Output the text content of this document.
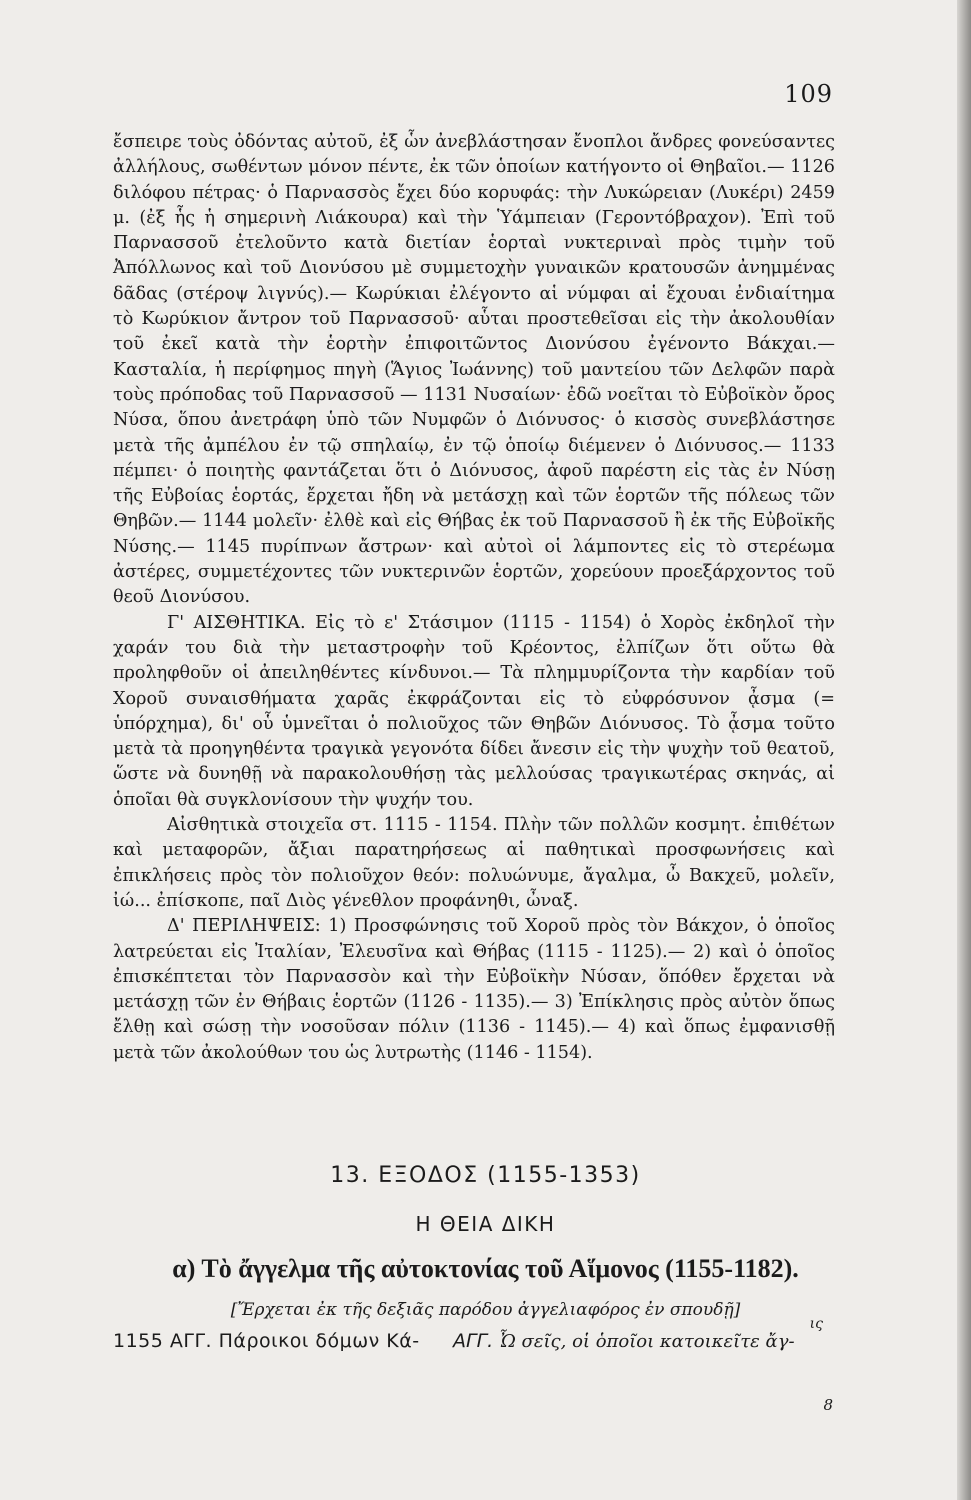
109

ἔσπειρε τοὺς ὀδόντας αὐτοῦ, ἐξ ὧν ἀνεβλάστησαν ἔνοπλοι ἄνδρες φονεύσαντες ἀλλήλους, σωθέντων μόνον πέντε, ἐκ τῶν ὁποίων κατήγοντο οἱ Θηβαῖοι.— 1126 διλόφου πέτρας· ὁ Παρνασσὸς ἔχει δύο κορυφάς: τὴν Λυκώρειαν (Λυκέρι) 2459 μ. (ἐξ ἧς ἡ σημερινὴ Λιάκουρα) καὶ τὴν Ὑάμπειαν (Γεροντόβραχον). Ἐπὶ τοῦ Παρνασσοῦ ἐτελοῦντο κατὰ διετίαν ἑορταὶ νυκτεριναὶ πρὸς τιμὴν τοῦ Ἀπόλλωνος καὶ τοῦ Διονύσου μὲ συμμετοχὴν γυναικῶν κρατουσῶν ἀνημμένας δᾶδας (στέροψ λιγνύς).— Κωρύκιαι ἐλέγοντο αἱ νύμφαι αἱ ἔχουαι ἐνδιαίτημα τὸ Κωρύκιον ἄντρον τοῦ Παρνασσοῦ· αὗται προστεθεῖσαι εἰς τὴν ἀκολουθίαν τοῦ ἐκεῖ κατὰ τὴν ἑορτὴν ἐπιφοιτῶντος Διονύσου ἐγένοντο Βάκχαι.— Κασταλία, ἡ περίφημος πηγὴ (Ἅγιος Ἰωάννης) τοῦ μαντείου τῶν Δελφῶν παρὰ τοὺς πρόποδας τοῦ Παρνασσοῦ — 1131 Νυσαίων· ἐδῶ νοεῖται τὸ Εὐβοϊκὸν ὄρος Νύσα, ὅπου ἀνετράφη ὑπὸ τῶν Νυμφῶν ὁ Διόνυσος· ὁ κισσὸς συνεβλάστησε μετὰ τῆς ἀμπέλου ἐν τῷ σπηλαίῳ, ἐν τῷ ὁποίῳ διέμενεν ὁ Διόνυσος.— 1133 πέμπει· ὁ ποιητὴς φαντάζεται ὅτι ὁ Διόνυσος, ἀφοῦ παρέστη εἰς τὰς ἐν Νύσῃ τῆς Εὐβοίας ἑορτάς, ἔρχεται ἤδη νὰ μετάσχῃ καὶ τῶν ἑορτῶν τῆς πόλεως τῶν Θηβῶν.— 1144 μολεῖν· ἐλθὲ καὶ εἰς Θήβας ἐκ τοῦ Παρνασσοῦ ἢ ἐκ τῆς Εὐβοϊκῆς Νύσης.— 1145 πυρίπνων ἄστρων· καὶ αὐτοὶ οἱ λάμποντες εἰς τὸ στερέωμα ἀστέρες, συμμετέχοντες τῶν νυκτερινῶν ἑορτῶν, χορεύουν προεξάρχοντος τοῦ θεοῦ Διονύσου.

Γ' ΑΙΣΘΗΤΙΚΑ. Εἰς τὸ ε' Στάσιμον (1115 - 1154) ὁ Χορὸς ἐκδηλοῖ τὴν χαράν του διὰ τὴν μεταστροφὴν τοῦ Κρέοντος, ἐλπίζων ὅτι οὕτω θὰ προληφθοῦν οἱ ἀπειληθέντες κίνδυνοι.— Τὰ πλημμυρίζοντα τὴν καρδίαν τοῦ Χοροῦ συναισθήματα χαρᾶς ἐκφράζονται εἰς τὸ εὐφρόσυνον ᾆσμα (= ὑπόρχημα), δι' οὗ ὑμνεῖται ὁ πολιοῦχος τῶν Θηβῶν Διόνυσος. Τὸ ᾆσμα τοῦτο μετὰ τὰ προηγηθέντα τραγικὰ γεγονότα δίδει ἄνεσιν εἰς τὴν ψυχὴν τοῦ θεατοῦ, ὥστε νὰ δυνηθῇ νὰ παρακολουθήσῃ τὰς μελλούσας τραγικωτέρας σκηνάς, αἱ ὁποῖαι θὰ συγκλονίσουν τὴν ψυχήν του.

Αἰσθητικὰ στοιχεῖα στ. 1115 - 1154. Πλὴν τῶν πολλῶν κοσμητ. ἐπιθέτων καὶ μεταφορῶν, ἄξιαι παρατηρήσεως αἱ παθητικαὶ προσφωνήσεις καὶ ἐπικλήσεις πρὸς τὸν πολιοῦχον θεόν: πολυώνυμε, ἄγαλμα, ὦ Βακχεῦ, μολεῖν, ἰώ... ἐπίσκοπε, παῖ Διὸς γένεθλον προφάνηθι, ὦναξ.

Δ' ΠΕΡΙΛΗΨΕΙΣ: 1) Προσφώνησις τοῦ Χοροῦ πρὸς τὸν Βάκχον, ὁ ὁποῖος λατρεύεται εἰς Ἰταλίαν, Ἐλευσῖνα καὶ Θήβας (1115 - 1125).— 2) καὶ ὁ ὁποῖος ἐπισκέπτεται τὸν Παρνασσὸν καὶ τὴν Εὐβοϊκὴν Νύσαν, ὅπόθεν ἔρχεται νὰ μετάσχῃ τῶν ἐν Θήβαις ἑορτῶν (1126 - 1135).— 3) Ἐπίκλησις πρὸς αὐτὸν ὅπως ἔλθῃ καὶ σώσῃ τὴν νοσοῦσαν πόλιν (1136 - 1145).— 4) καὶ ὅπως ἐμφανισθῇ μετὰ τῶν ἀκολούθων του ὡς λυτρωτὴς (1146 - 1154).

13. ΕΞΟΔΟΣ (1155-1353)
Η ΘΕΙΑ ΔΙΚΗ
α) Τὸ ἄγγελμα τῆς αὐτοκτονίας τοῦ Αἵμονος (1155-1182).
[Ἔρχεται ἐκ τῆς δεξιᾶς παρόδου ἀγγελιαφόρος ἐν σπουδῇ]
1155 ΑΓΓ. Πάροικοι δόμων Κά- ΑΓΓ. Ὦ σεῖς, οἱ ὁποῖοι κατοικεῖτε ἄγ-
ις
8
